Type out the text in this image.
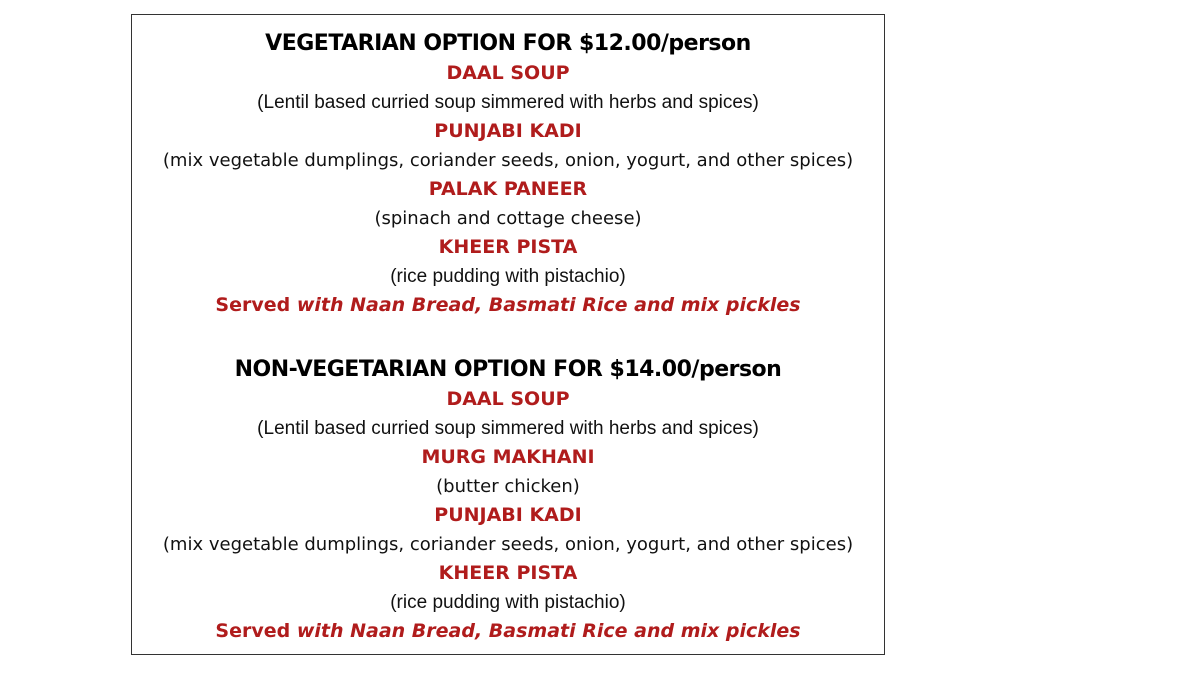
VEGETARIAN OPTION FOR $12.00/person
DAAL SOUP
(Lentil based curried soup simmered with herbs and spices)
PUNJABI KADI
(mix vegetable dumplings, coriander seeds, onion, yogurt, and other spices)
PALAK PANEER
(spinach and cottage cheese)
KHEER PISTA
(rice pudding with pistachio)
Served with Naan Bread, Basmati Rice and mix pickles
NON-VEGETARIAN OPTION FOR $14.00/person
DAAL SOUP
(Lentil based curried soup simmered with herbs and spices)
MURG MAKHANI
(butter chicken)
PUNJABI KADI
(mix vegetable dumplings, coriander seeds, onion, yogurt, and other spices)
KHEER PISTA
(rice pudding with pistachio)
Served with Naan Bread, Basmati Rice and mix pickles
